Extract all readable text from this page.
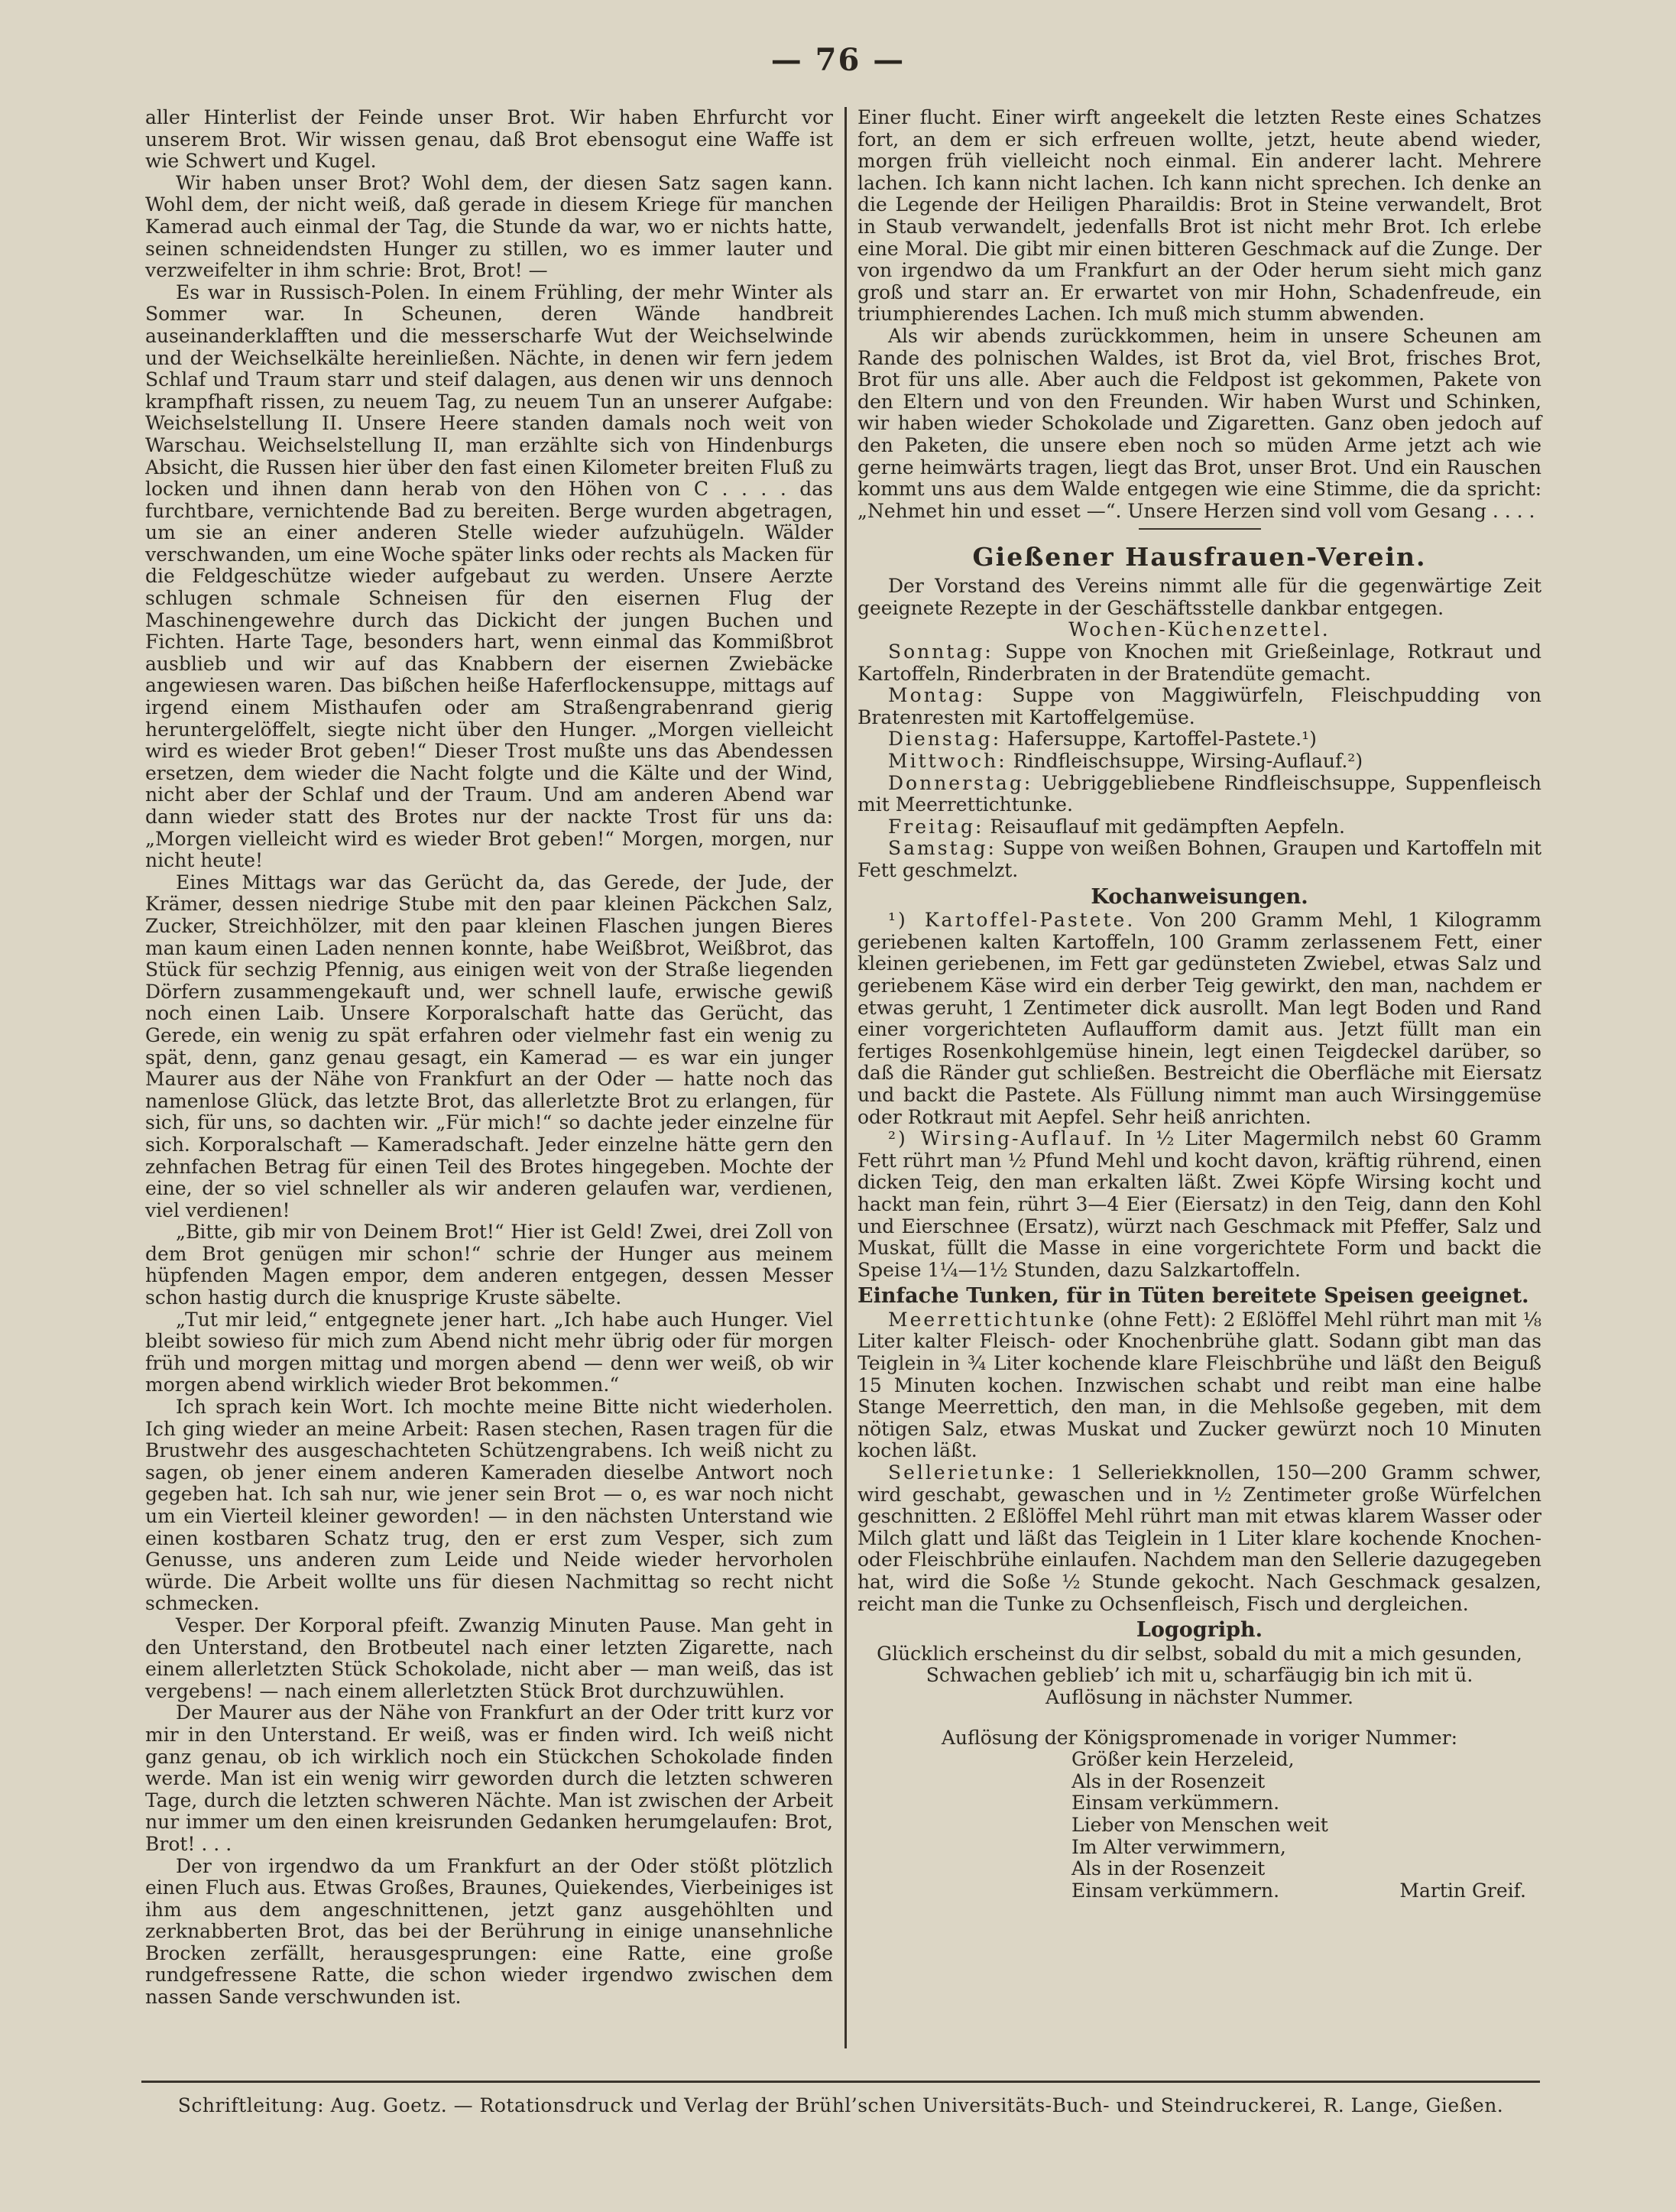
— 76 —

aller Hinterlist der Feinde unser Brot. Wir haben Ehrfurcht vor unserem Brot. Wir wissen genau, daß Brot ebensogut eine Waffe ist wie Schwert und Kugel.

Wir haben unser Brot? Wohl dem, der diesen Satz sagen kann. Wohl dem, der nicht weiß, daß gerade in diesem Kriege für manchen Kamerad auch einmal der Tag, die Stunde da war, wo er nichts hatte, seinen schneidendsten Hunger zu stillen, wo es immer lauter und verzweifelter in ihm schrie: Brot, Brot! —

Es war in Russisch-Polen. In einem Frühling, der mehr Winter als Sommer war. In Scheunen, deren Wände handbreit auseinanderklafften und die messerscharfe Wut der Weichselwinde und der Weichselkälte hereinließen. Nächte, in denen wir fern jedem Schlaf und Traum starr und steif dalagen, aus denen wir uns dennoch krampfhaft rissen, zu neuem Tag, zu neuem Tun an unserer Aufgabe: Weichselstellung II. Unsere Heere standen damals noch weit von Warschau. Weichselstellung II, man erzählte sich von Hindenburgs Absicht, die Russen hier über den fast einen Kilometer breiten Fluß zu locken und ihnen dann herab von den Höhen von C . . . . das furchtbare, vernichtende Bad zu bereiten. Berge wurden abgetragen, um sie an einer anderen Stelle wieder aufzuhügeln. Wälder verschwanden, um eine Woche später links oder rechts als Macken für die Feldgeschütze wieder aufgebaut zu werden. Unsere Aerzte schlugen schmale Schneisen für den eisernen Flug der Maschinengewehre durch das Dickicht der jungen Buchen und Fichten. Harte Tage, besonders hart, wenn einmal das Kommißbrot ausblieb und wir auf das Knabbern der eisernen Zwiebäcke angewiesen waren. Das bißchen heiße Haferflockensuppe, mittags auf irgend einem Misthaufen oder am Straßengrabenrand gierig heruntergelöffelt, siegte nicht über den Hunger. „Morgen vielleicht wird es wieder Brot geben!“ Dieser Trost mußte uns das Abendessen ersetzen, dem wieder die Nacht folgte und die Kälte und der Wind, nicht aber der Schlaf und der Traum. Und am anderen Abend war dann wieder statt des Brotes nur der nackte Trost für uns da: „Morgen vielleicht wird es wieder Brot geben!“ Morgen, morgen, nur nicht heute!

Eines Mittags war das Gerücht da, das Gerede, der Jude, der Krämer, dessen niedrige Stube mit den paar kleinen Päckchen Salz, Zucker, Streichhölzer, mit den paar kleinen Flaschen jungen Bieres man kaum einen Laden nennen konnte, habe Weißbrot, Weißbrot, das Stück für sechzig Pfennig, aus einigen weit von der Straße liegenden Dörfern zusammengekauft und, wer schnell laufe, erwische gewiß noch einen Laib. Unsere Korporalschaft hatte das Gerücht, das Gerede, ein wenig zu spät erfahren oder vielmehr fast ein wenig zu spät, denn, ganz genau gesagt, ein Kamerad — es war ein junger Maurer aus der Nähe von Frankfurt an der Oder — hatte noch das namenlose Glück, das letzte Brot, das allerletzte Brot zu erlangen, für sich, für uns, so dachten wir. „Für mich!“ so dachte jeder einzelne für sich. Korporalschaft — Kameradschaft. Jeder einzelne hätte gern den zehnfachen Betrag für einen Teil des Brotes hingegeben. Mochte der eine, der so viel schneller als wir anderen gelaufen war, verdienen, viel verdienen!

„Bitte, gib mir von Deinem Brot!“ Hier ist Geld! Zwei, drei Zoll von dem Brot genügen mir schon!“ schrie der Hunger aus meinem hüpfenden Magen empor, dem anderen entgegen, dessen Messer schon hastig durch die knusprige Kruste säbelte.

„Tut mir leid,“ entgegnete jener hart. „Ich habe auch Hunger. Viel bleibt sowieso für mich zum Abend nicht mehr übrig oder für morgen früh und morgen mittag und morgen abend — denn wer weiß, ob wir morgen abend wirklich wieder Brot bekommen.“

Ich sprach kein Wort. Ich mochte meine Bitte nicht wiederholen. Ich ging wieder an meine Arbeit: Rasen stechen, Rasen tragen für die Brustwehr des ausgeschachteten Schützengrabens. Ich weiß nicht zu sagen, ob jener einem anderen Kameraden dieselbe Antwort noch gegeben hat. Ich sah nur, wie jener sein Brot — o, es war noch nicht um ein Vierteil kleiner geworden! — in den nächsten Unterstand wie einen kostbaren Schatz trug, den er erst zum Vesper, sich zum Genusse, uns anderen zum Leide und Neide wieder hervorholen würde. Die Arbeit wollte uns für diesen Nachmittag so recht nicht schmecken.

Vesper. Der Korporal pfeift. Zwanzig Minuten Pause. Man geht in den Unterstand, den Brotbeutel nach einer letzten Zigarette, nach einem allerletzten Stück Schokolade, nicht aber — man weiß, das ist vergebens! — nach einem allerletzten Stück Brot durchzuwühlen.

Der Maurer aus der Nähe von Frankfurt an der Oder tritt kurz vor mir in den Unterstand. Er weiß, was er finden wird. Ich weiß nicht ganz genau, ob ich wirklich noch ein Stückchen Schokolade finden werde. Man ist ein wenig wirr geworden durch die letzten schweren Tage, durch die letzten schweren Nächte. Man ist zwischen der Arbeit nur immer um den einen kreisrunden Gedanken herumgelaufen: Brot, Brot! . . .

Der von irgendwo da um Frankfurt an der Oder stößt plötzlich einen Fluch aus. Etwas Großes, Braunes, Quiekendes, Vierbeiniges ist ihm aus dem angeschnittenen, jetzt ganz ausgehöhlten und zerknabberten Brot, das bei der Berührung in einige unansehnliche Brocken zerfällt, herausgesprungen: eine Ratte, eine große rundgefressene Ratte, die schon wieder irgendwo zwischen dem nassen Sande verschwunden ist.

Einer flucht. Einer wirft angeekelt die letzten Reste eines Schatzes fort, an dem er sich erfreuen wollte, jetzt, heute abend wieder, morgen früh vielleicht noch einmal. Ein anderer lacht. Mehrere lachen. Ich kann nicht lachen. Ich kann nicht sprechen. Ich denke an die Legende der Heiligen Pharaildis: Brot in Steine verwandelt, Brot in Staub verwandelt, jedenfalls Brot ist nicht mehr Brot. Ich erlebe eine Moral. Die gibt mir einen bitteren Geschmack auf die Zunge. Der von irgendwo da um Frankfurt an der Oder herum sieht mich ganz groß und starr an. Er erwartet von mir Hohn, Schadenfreude, ein triumphierendes Lachen. Ich muß mich stumm abwenden.

Als wir abends zurückkommen, heim in unsere Scheunen am Rande des polnischen Waldes, ist Brot da, viel Brot, frisches Brot, Brot für uns alle. Aber auch die Feldpost ist gekommen, Pakete von den Eltern und von den Freunden. Wir haben Wurst und Schinken, wir haben wieder Schokolade und Zigaretten. Ganz oben jedoch auf den Paketen, die unsere eben noch so müden Arme jetzt ach wie gerne heimwärts tragen, liegt das Brot, unser Brot. Und ein Rauschen kommt uns aus dem Walde entgegen wie eine Stimme, die da spricht: „Nehmet hin und esset —“. Unsere Herzen sind voll vom Gesang . . . .

Gießener Hausfrauen-Verein.

Der Vorstand des Vereins nimmt alle für die gegenwärtige Zeit geeignete Rezepte in der Geschäftsstelle dankbar entgegen.

Wochen-Küchenzettel.

Sonntag: Suppe von Knochen mit Grießeinlage, Rotkraut und Kartoffeln, Rinderbraten in der Bratendüte gemacht.

Montag: Suppe von Maggiwürfeln, Fleischpudding von Bratenresten mit Kartoffelgemüse.

Dienstag: Hafersuppe, Kartoffel-Pastete.¹)

Mittwoch: Rindfleischsuppe, Wirsing-Auflauf.²)

Donnerstag: Uebriggebliebene Rindfleischsuppe, Suppenfleisch mit Meerrettichtunke.

Freitag: Reisauflauf mit gedämpften Aepfeln.

Samstag: Suppe von weißen Bohnen, Graupen und Kartoffeln mit Fett geschmelzt.

Kochanweisungen.

¹) Kartoffel-Pastete. Von 200 Gramm Mehl, 1 Kilogramm geriebenen kalten Kartoffeln, 100 Gramm zerlassenem Fett, einer kleinen geriebenen, im Fett gar gedünsteten Zwiebel, etwas Salz und geriebenem Käse wird ein derber Teig gewirkt, den man, nachdem er etwas geruht, 1 Zentimeter dick ausrollt. Man legt Boden und Rand einer vorgerichteten Auflaufform damit aus. Jetzt füllt man ein fertiges Rosenkohlgemüse hinein, legt einen Teigdeckel darüber, so daß die Ränder gut schließen. Bestreicht die Oberfläche mit Eiersatz und backt die Pastete. Als Füllung nimmt man auch Wirsinggemüse oder Rotkraut mit Aepfel. Sehr heiß anrichten.

²) Wirsing-Auflauf. In ½ Liter Magermilch nebst 60 Gramm Fett rührt man ½ Pfund Mehl und kocht davon, kräftig rührend, einen dicken Teig, den man erkalten läßt. Zwei Köpfe Wirsing kocht und hackt man fein, rührt 3—4 Eier (Eiersatz) in den Teig, dann den Kohl und Eierschnee (Ersatz), würzt nach Geschmack mit Pfeffer, Salz und Muskat, füllt die Masse in eine vorgerichtete Form und backt die Speise 1¼—1½ Stunden, dazu Salzkartoffeln.

Einfache Tunken, für in Tüten bereitete Speisen geeignet.

Meerrettichtunke (ohne Fett): 2 Eßlöffel Mehl rührt man mit ⅛ Liter kalter Fleisch- oder Knochenbrühe glatt. Sodann gibt man das Teiglein in ¾ Liter kochende klare Fleischbrühe und läßt den Beiguß 15 Minuten kochen. Inzwischen schabt und reibt man eine halbe Stange Meerrettich, den man, in die Mehlsoße gegeben, mit dem nötigen Salz, etwas Muskat und Zucker gewürzt noch 10 Minuten kochen läßt.

Sellerietunke: 1 Selleriekknollen, 150—200 Gramm schwer, wird geschabt, gewaschen und in ½ Zentimeter große Würfelchen geschnitten. 2 Eßlöffel Mehl rührt man mit etwas klarem Wasser oder Milch glatt und läßt das Teiglein in 1 Liter klare kochende Knochen- oder Fleischbrühe einlaufen. Nachdem man den Sellerie dazugegeben hat, wird die Soße ½ Stunde gekocht. Nach Geschmack gesalzen, reicht man die Tunke zu Ochsenfleisch, Fisch und dergleichen.

Logogriph.
Glücklich erscheinst du dir selbst, sobald du mit a mich gesunden,
Schwachen geblieb’ ich mit u, scharfäugig bin ich mit ü.
Auflösung in nächster Nummer.
Auflösung der Königspromenade in voriger Nummer:
Größer kein Herzeleid,
Als in der Rosenzeit
Einsam verkümmern.
Lieber von Menschen weit
Im Alter verwimmern,
Als in der Rosenzeit
Einsam verkümmern.	Martin Greif.
Schriftleitung: Aug. Goetz. — Rotationsdruck und Verlag der Brühl’schen Universitäts-Buch- und Steindruckerei, R. Lange, Gießen.
